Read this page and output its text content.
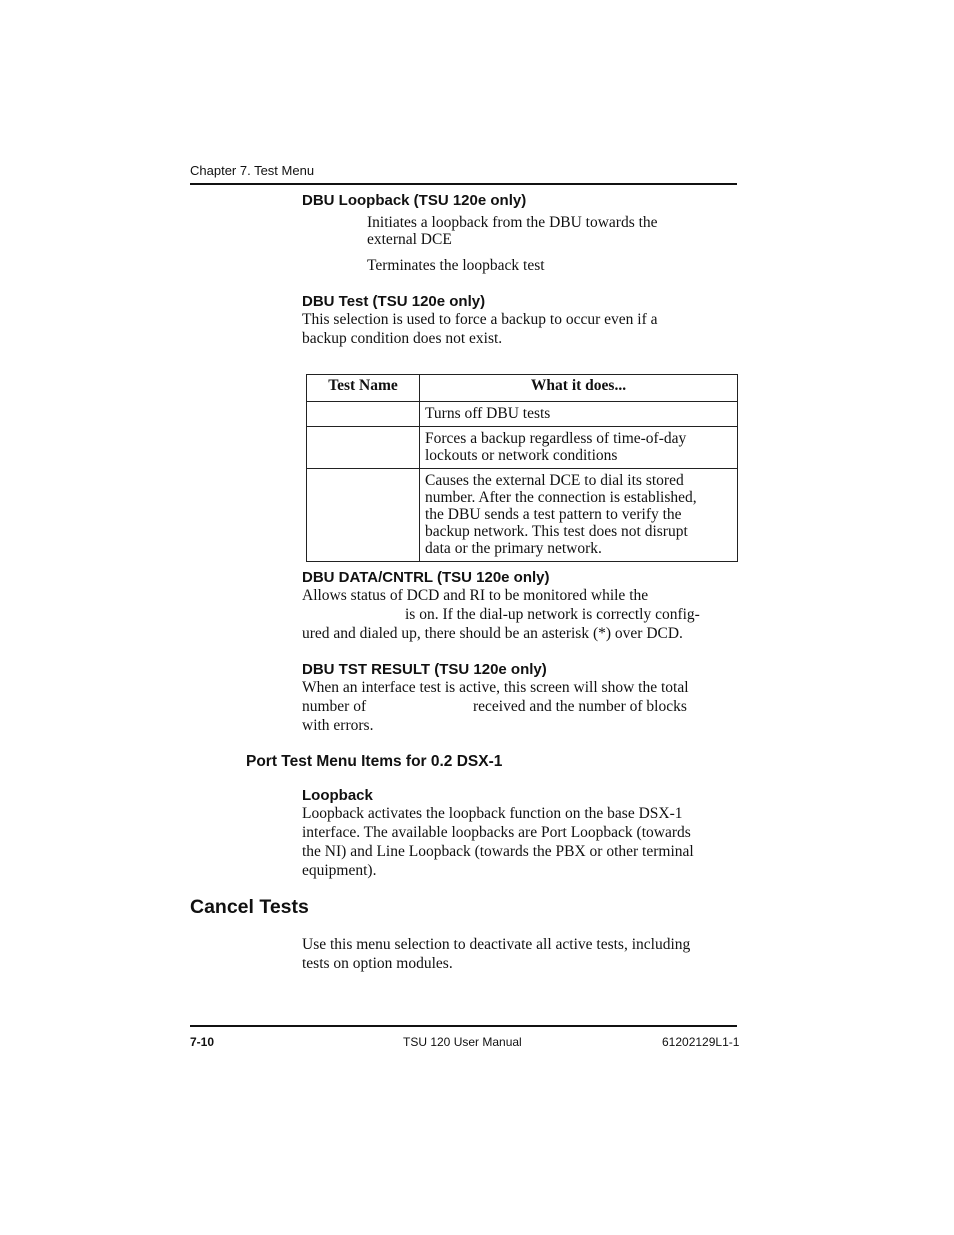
Chapter 7. Test Menu
DBU Loopback (TSU 120e only)

Initiates a loopback from the DBU towards the

external DCE

Terminates the loopback test
DBU Test (TSU 120e only)

This selection is used to force a backup to occur even if a

backup condition does not exist.

Test Name	What it does...

	Turns off DBU tests

	Forces a backup regardless of time-of-day
lockouts or network conditions

	Causes the external DCE to dial its stored
number. After the connection is established,
the DBU sends a test pattern to verify the
backup network. This test does not disrupt
data or the primary network.
DBU DATA/CNTRL (TSU 120e only)
Allows status of DCD and RI to be monitored while the
is on. If the dial-up network is correctly config-
ured and dialed up, there should be an asterisk (*) over DCD.
DBU TST RESULT (TSU 120e only)
When an interface test is active, this screen will show the total
number of	received and the number of blocks
with errors.
Port Test Menu Items for 0.2 DSX-1
Loopback

Loopback activates the loopback function on the base DSX-1

interface. The available loopbacks are Port Loopback (towards

the NI) and Line Loopback (towards the PBX or other terminal

equipment).

Cancel Tests

Use this menu selection to deactivate all active tests, including

tests on option modules.

7-10	TSU 120 User Manual	61202129L1-1
